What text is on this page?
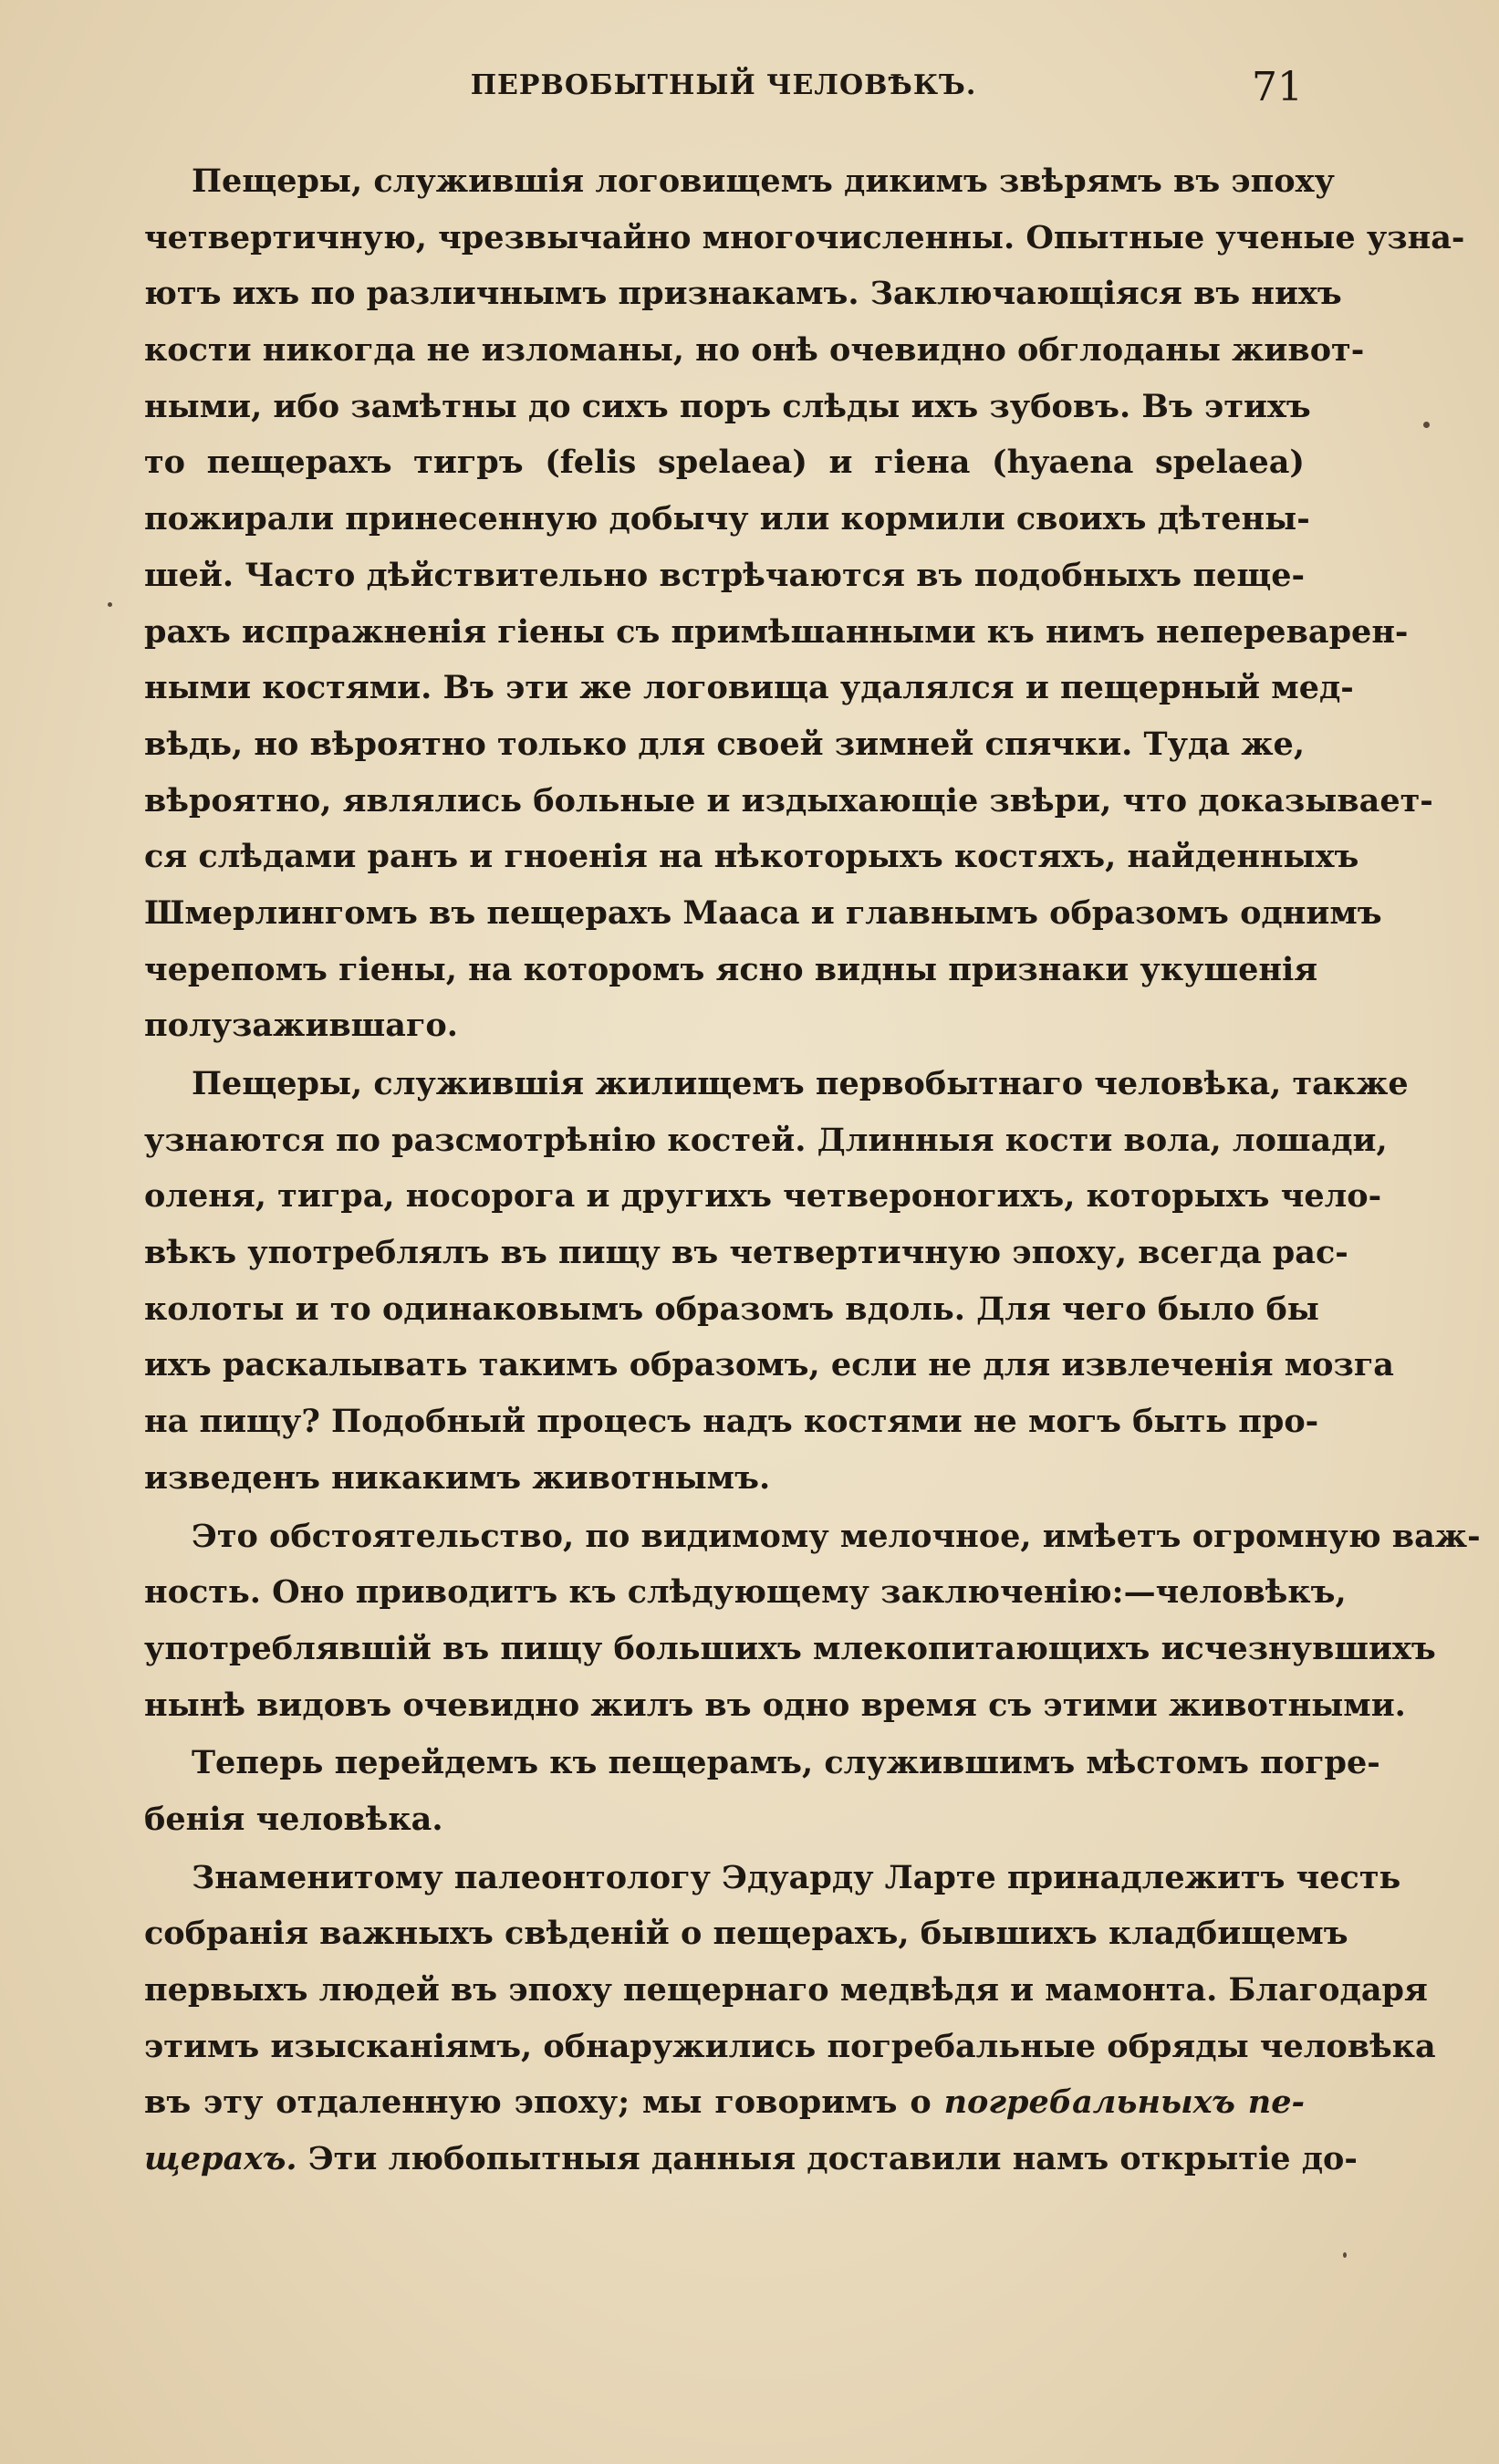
ПЕРВОБЫТНЫЙ ЧЕЛОВѢКЪ.	71
Пещеры, служившія логовищемъ дикимъ звѣрямъ въ эпоху
четвертичную, чрезвычайно многочисленны. Опытные ученые узна-
ютъ ихъ по различнымъ признакамъ. Заключающіяся въ нихъ
кости никогда не изломаны, но онѣ очевидно обглоданы живот-
ными, ибо замѣтны до сихъ поръ слѣды ихъ зубовъ. Въ этихъ
то пещерахъ тигръ (felis spelaea) и гіена (hyaena spelaea)
пожирали принесенную добычу или кормили своихъ дѣтены-
шей. Часто дѣйствительно встрѣчаются въ подобныхъ пеще-
рахъ испражненія гіены съ примѣшанными къ нимъ непереварен-
ными костями. Въ эти же логовища удалялся и пещерный мед-
вѣдь, но вѣроятно только для своей зимней спячки. Туда же,
вѣроятно, являлись больные и издыхающіе звѣри, что доказывает-
ся слѣдами ранъ и гноенія на нѣкоторыхъ костяхъ, найденныхъ
Шмерлингомъ въ пещерахъ Мааса и главнымъ образомъ однимъ
черепомъ гіены, на которомъ ясно видны признаки укушенія
полузажившаго.
Пещеры, служившія жилищемъ первобытнаго человѣка, также
узнаются по разсмотрѣнію костей. Длинныя кости вола, лошади,
оленя, тигра, носорога и другихъ четвероногихъ, которыхъ чело-
вѣкъ употреблялъ въ пищу въ четвертичную эпоху, всегда рас-
колоты и то одинаковымъ образомъ вдоль. Для чего было бы
ихъ раскалывать такимъ образомъ, если не для извлеченія мозга
на пищу? Подобный процесъ надъ костями не могъ быть про-
изведенъ никакимъ животнымъ.
Это обстоятельство, по видимому мелочное, имѣетъ огромную важ-
ность. Оно приводитъ къ слѣдующему заключенію:—человѣкъ,
употреблявшій въ пищу большихъ млекопитающихъ исчезнувшихъ
нынѣ видовъ очевидно жилъ въ одно время съ этими животными.
Теперь перейдемъ къ пещерамъ, служившимъ мѣстомъ погре-
бенія человѣка.
Знаменитому палеонтологу Эдуарду Ларте принадлежитъ честь
собранія важныхъ свѣденій о пещерахъ, бывшихъ кладбищемъ
первыхъ людей въ эпоху пещернаго медвѣдя и мамонта. Благодаря
этимъ изысканіямъ, обнаружились погребальные обряды человѣка
въ эту отдаленную эпоху; мы говоримъ о погребальныхъ пе-
щерахъ. Эти любопытныя данныя доставили намъ открытіе до-
